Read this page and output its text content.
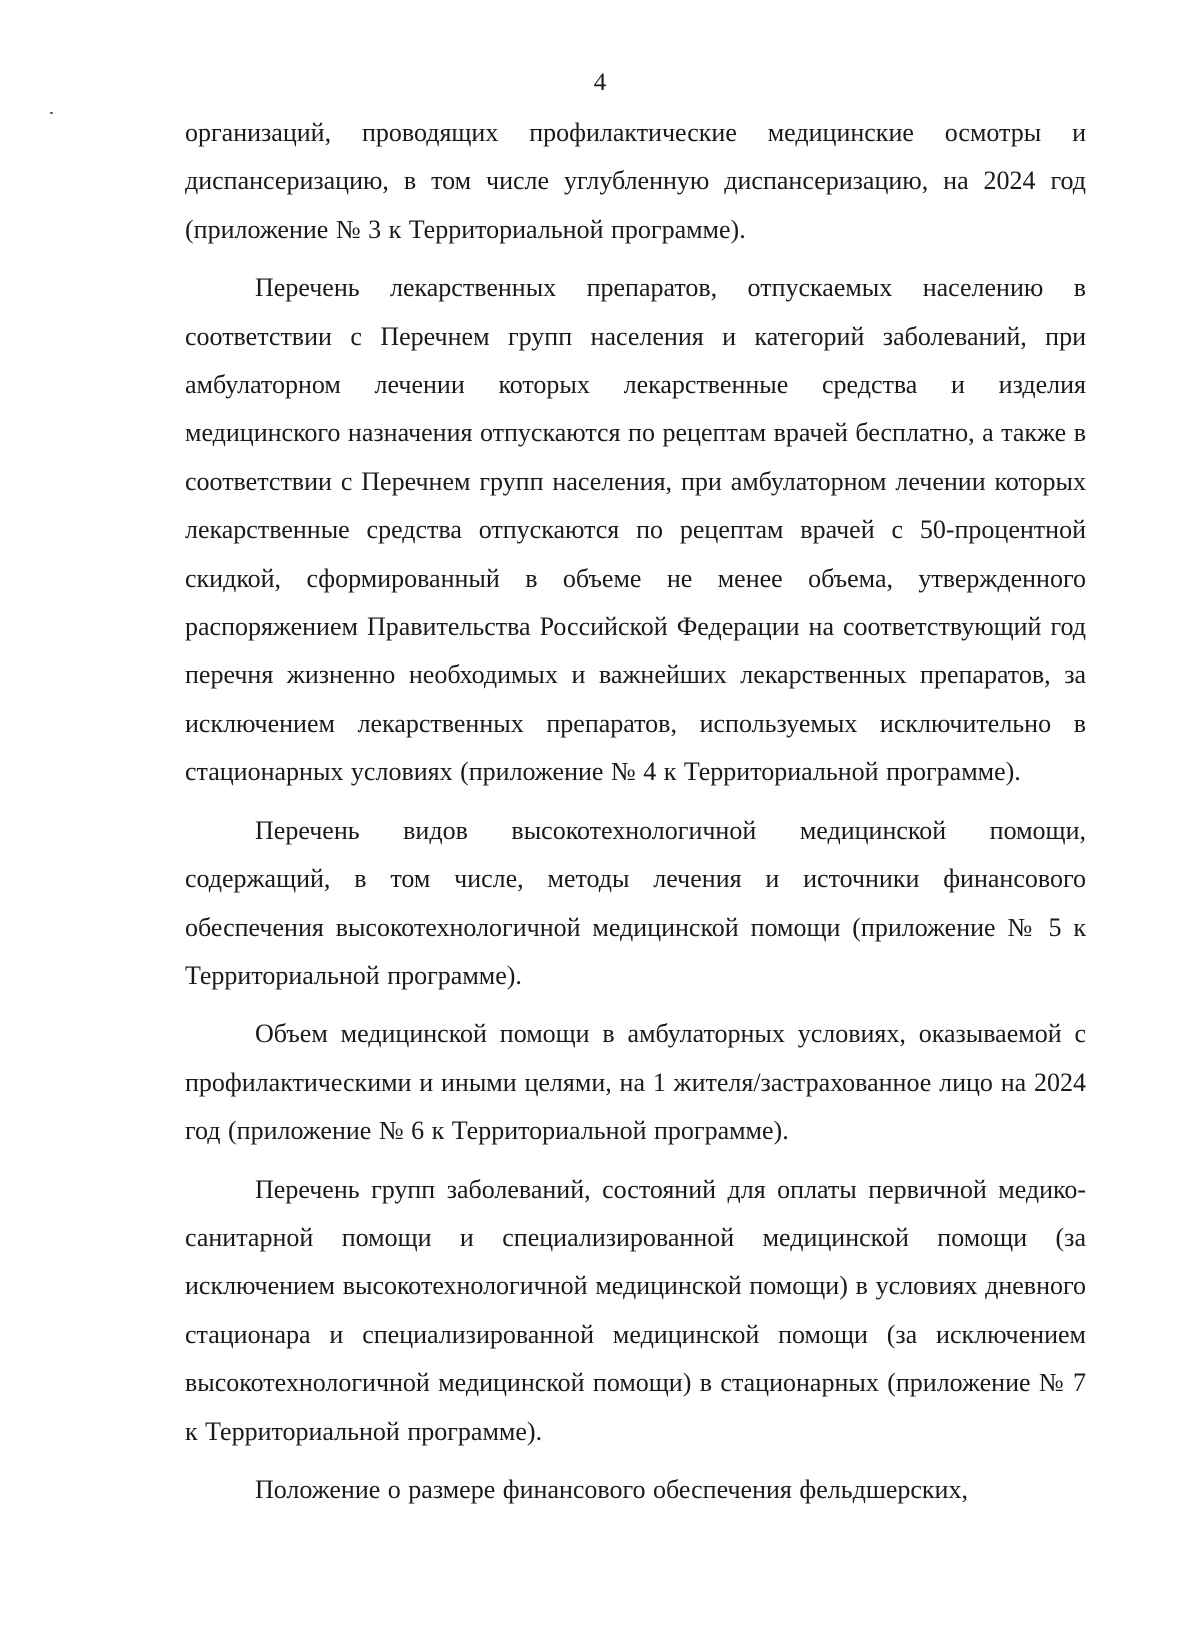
4

организаций, проводящих профилактические медицинские осмотры и диспансеризацию, в том числе углубленную диспансеризацию, на 2024 год (приложение № 3 к Территориальной программе).

Перечень лекарственных препаратов, отпускаемых населению в соответствии с Перечнем групп населения и категорий заболеваний, при амбулаторном лечении которых лекарственные средства и изделия медицинского назначения отпускаются по рецептам врачей бесплатно, а также в соответствии с Перечнем групп населения, при амбулаторном лечении которых лекарственные средства отпускаются по рецептам врачей с 50-процентной скидкой, сформированный в объеме не менее объема, утвержденного распоряжением Правительства Российской Федерации на соответствующий год перечня жизненно необходимых и важнейших лекарственных препаратов, за исключением лекарственных препаратов, используемых исключительно в стационарных условиях (приложение № 4 к Территориальной программе).

Перечень видов высокотехнологичной медицинской помощи, содержащий, в том числе, методы лечения и источники финансового обеспечения высокотехнологичной медицинской помощи (приложение № 5 к Территориальной программе).

Объем медицинской помощи в амбулаторных условиях, оказываемой с профилактическими и иными целями, на 1 жителя/застрахованное лицо на 2024 год (приложение № 6 к Территориальной программе).

Перечень групп заболеваний, состояний для оплаты первичной медико-санитарной помощи и специализированной медицинской помощи (за исключением высокотехнологичной медицинской помощи) в условиях дневного стационара и специализированной медицинской помощи (за исключением высокотехнологичной медицинской помощи) в стационарных (приложение № 7 к Территориальной программе).

Положение о размере финансового обеспечения фельдшерских,
